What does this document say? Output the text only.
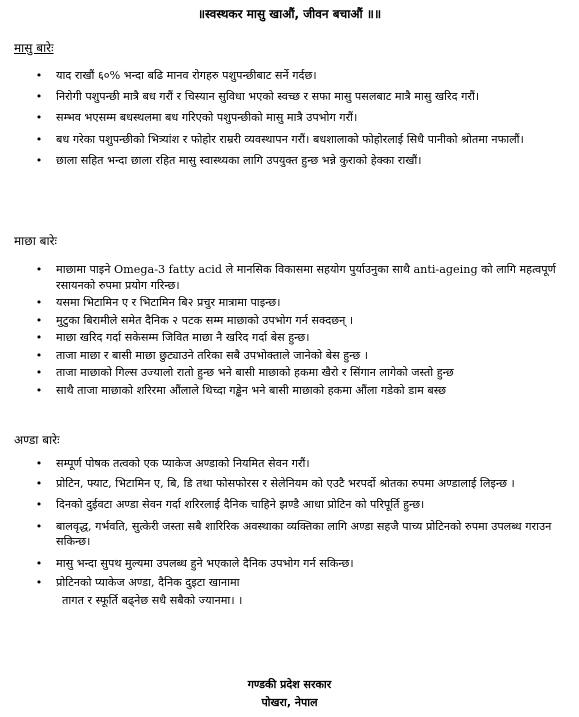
॥स्वस्थकर मासु खाऔं, जीवन बचाऔं ॥॥
मासु बारेः
• याद राखौं ६०% भन्दा बढि मानव रोगहरु पशुपन्छीबाट सर्ने गर्दछ।
• निरोगी पशुपन्छी मात्रै बध गरौं र चिस्यान सुविधा भएको स्वच्छ र सफा मासु पसलबाट मात्रै मासु खरिद गरौं।
• सम्भव भएसम्म बधस्थलमा बध गरिएको पशुपन्छीको मासु मात्रै उपभोग गरौं।
• बध गरेका पशुपन्छीको भित्र्यांश र फोहोर राम्ररी व्यवस्थापन गरौं। बधशालाको फोहोरलाई सिधै पानीको श्रोतमा नफालौं।
• छाला सहित भन्दा छाला रहित मासु स्वास्थ्यका लागि उपयुक्त हुन्छ भन्ने कुराको हेक्का राखौं।
माछा बारेः
• माछामा पाइने Omega-3 fatty acid ले मानसिक विकासमा सहयोग पुर्याउनुका साथै anti-ageing को लागि महत्वपूर्ण रसायनको रुपमा प्रयोग गरिन्छ।
• यसमा भिटामिन ए र भिटामिन बि२ प्रचुर मात्रामा पाइन्छ।
• मुटुका बिरामीले समेत दैनिक २ पटक सम्म माछाको उपभोग गर्न सक्दछन् ।
• माछा खरिद गर्दा सकेसम्म जिवित माछा नै खरिद गर्दा बेस हुन्छ।
• ताजा माछा र बासी माछा छुट्याउने तरिका सबै उपभोक्ताले जानेको बेस हुन्छ ।
• ताजा माछाको गिल्स उज्यालो रातो हुन्छ भने बासी माछाको हकमा खैरो र सिंगान लागेको जस्तो हुन्छ
• साथै ताजा माछाको शरिरमा औंलाले थिच्दा गड्ढेन भने बासी माछाको हकमा औंला गडेको डाम बस्छ
अण्डा बारेः
• सम्पूर्ण पोषक तत्वको एक प्याकेज अण्डाको नियमित सेवन गरौं।
• प्रोटिन, फ्याट, भिटामिन ए, बि, डि तथा फोसफोरस र सेलेनियम को एउटै भरपर्दो श्रोतका रुपमा अण्डालाई लिइन्छ ।
• दिनको दुईवटा अण्डा सेवन गर्दा शरिरलाई दैनिक चाहिने झण्डै आधा प्रोटिन को परिपूर्ति हुन्छ।
• बालवृद्ध, गर्भवति, सुत्केरी जस्ता सबै शारिरिक अवस्थाका व्यक्तिका लागि अण्डा सहजै पाच्य प्रोटिनको रुपमा उपलब्ध गराउन सकिन्छ।
• मासु भन्दा सुपथ मुल्यमा उपलब्ध हुने भएकाले दैनिक उपभोग गर्न सकिन्छ।
• प्रोटिनको प्याकेज अण्डा, दैनिक दुइटा खानामा
तागत र स्फूर्ति बढ्नेछ सधै सबैको ज्यानमा। ।
गण्डकी प्रदेश सरकार
पोखरा, नेपाल
